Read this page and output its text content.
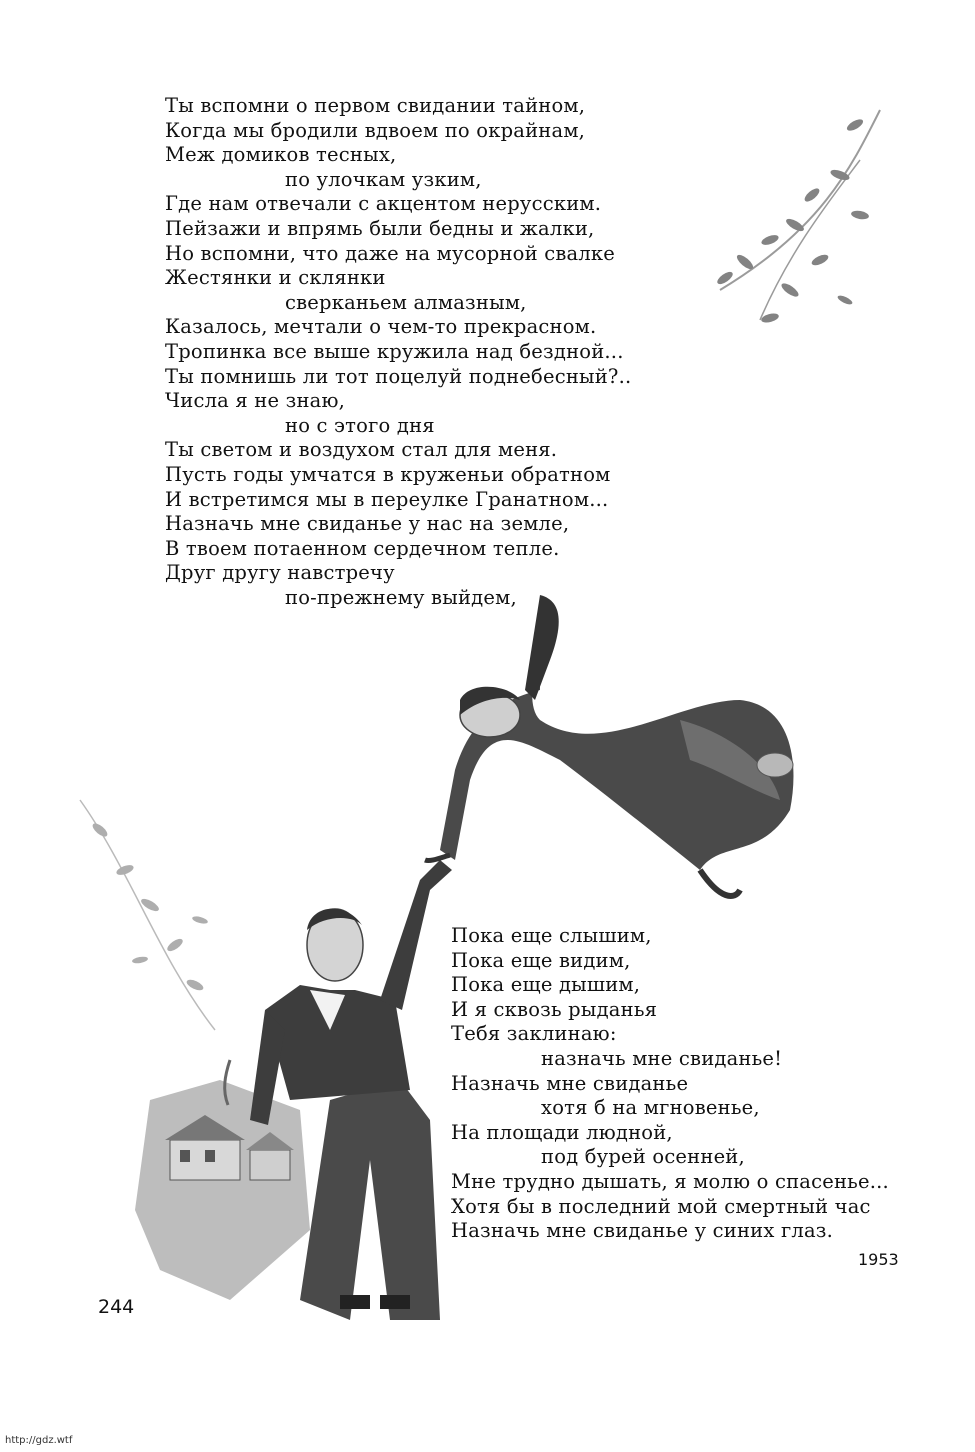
Ты вспомни о первом свидании тайном,
Когда мы бродили вдвоем по окрайнам,
Меж домиков тесных,
по улочкам узким,
Где нам отвечали с акцентом нерусским.
Пейзажи и впрямь были бедны и жалки,
Но вспомни, что даже на мусорной свалке
Жестянки и склянки
сверканьем алмазным,
Казалось, мечтали о чем-то прекрасном.
Тропинка все выше кружила над бездной...
Ты помнишь ли тот поцелуй поднебесный?..
Числа я не знаю,
но с этого дня
Ты светом и воздухом стал для меня.
Пусть годы умчатся в круженьи обратном
И встретимся мы в переулке Гранатном...
Назначь мне свиданье у нас на земле,
В твоем потаенном сердечном тепле.
Друг другу навстречу
по-прежнему выйдем,
Пока еще слышим,
Пока еще видим,
Пока еще дышим,
И я сквозь рыданья
Тебя заклинаю:
назначь мне свиданье!
Назначь мне свиданье
хотя б на мгновенье,
На площади людной,
под бурей осенней,
Мне трудно дышать, я молю о спасенье...
Хотя бы в последний мой смертный час
Назначь мне свиданье у синих глаз.
1953
244
http://gdz.wtf
